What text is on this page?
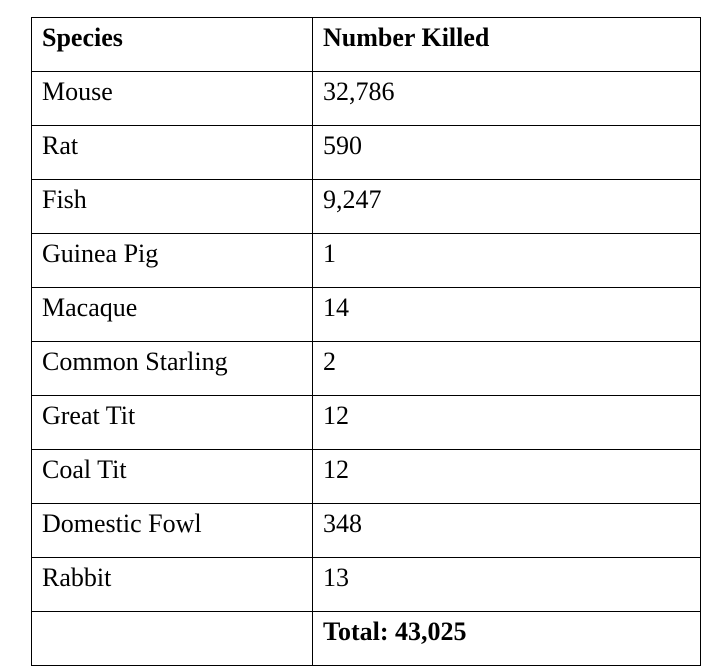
Species	Number Killed
Mouse	32,786
Rat	590
Fish	9,247
Guinea Pig	1
Macaque	14
Common Starling	2
Great Tit	12
Coal Tit	12
Domestic Fowl	348
Rabbit	13
	Total: 43,025
